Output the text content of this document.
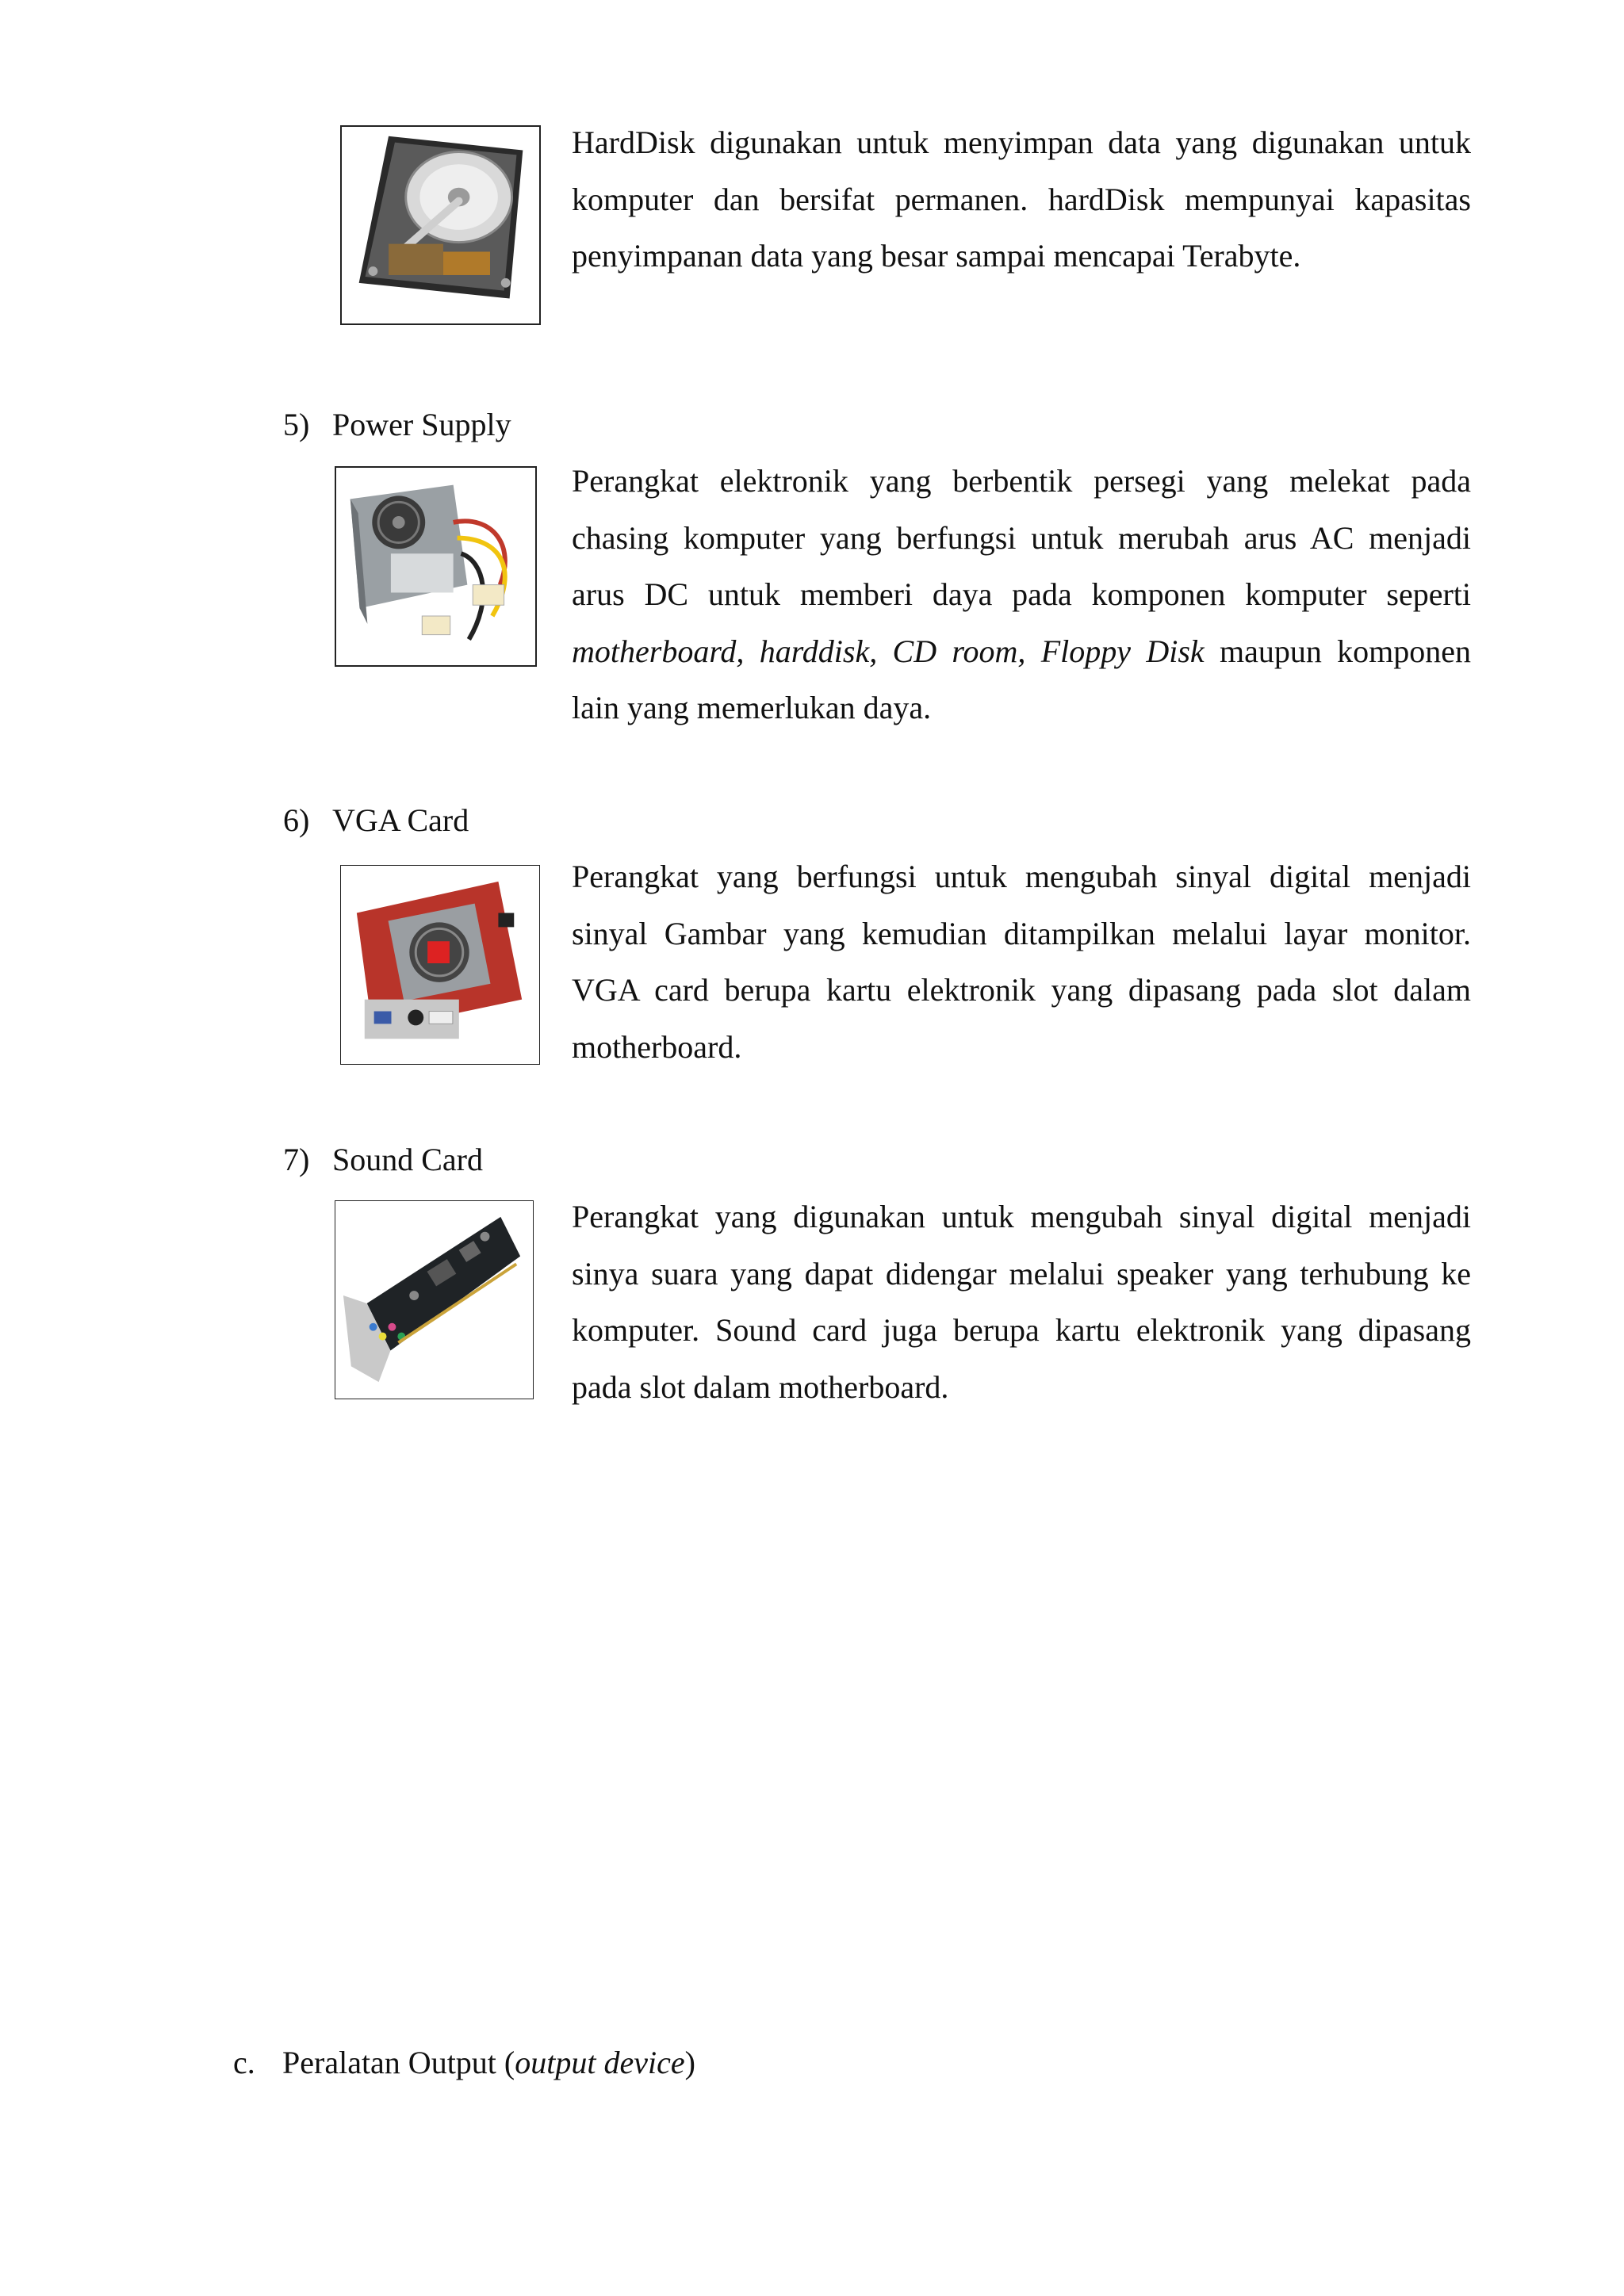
HardDisk digunakan untuk menyimpan data yang digunakan untuk komputer dan bersifat permanen. hardDisk mempunyai kapasitas penyimpanan data yang besar sampai mencapai Terabyte.

5) Power Supply

Perangkat elektronik yang berbentik persegi yang melekat pada chasing komputer yang berfungsi untuk merubah arus AC menjadi arus DC untuk memberi daya pada komponen komputer seperti motherboard, harddisk, CD room, Floppy Disk maupun komponen lain yang memerlukan daya.

6) VGA Card

Perangkat yang berfungsi untuk mengubah sinyal digital menjadi sinyal Gambar yang kemudian ditampilkan melalui layar monitor. VGA card berupa kartu elektronik yang dipasang pada slot dalam motherboard.

7) Sound Card

Perangkat yang digunakan untuk mengubah sinyal digital menjadi sinya suara yang dapat didengar melalui speaker yang terhubung ke komputer. Sound card juga berupa kartu elektronik yang dipasang pada slot dalam motherboard.

c. Peralatan Output (output device)
